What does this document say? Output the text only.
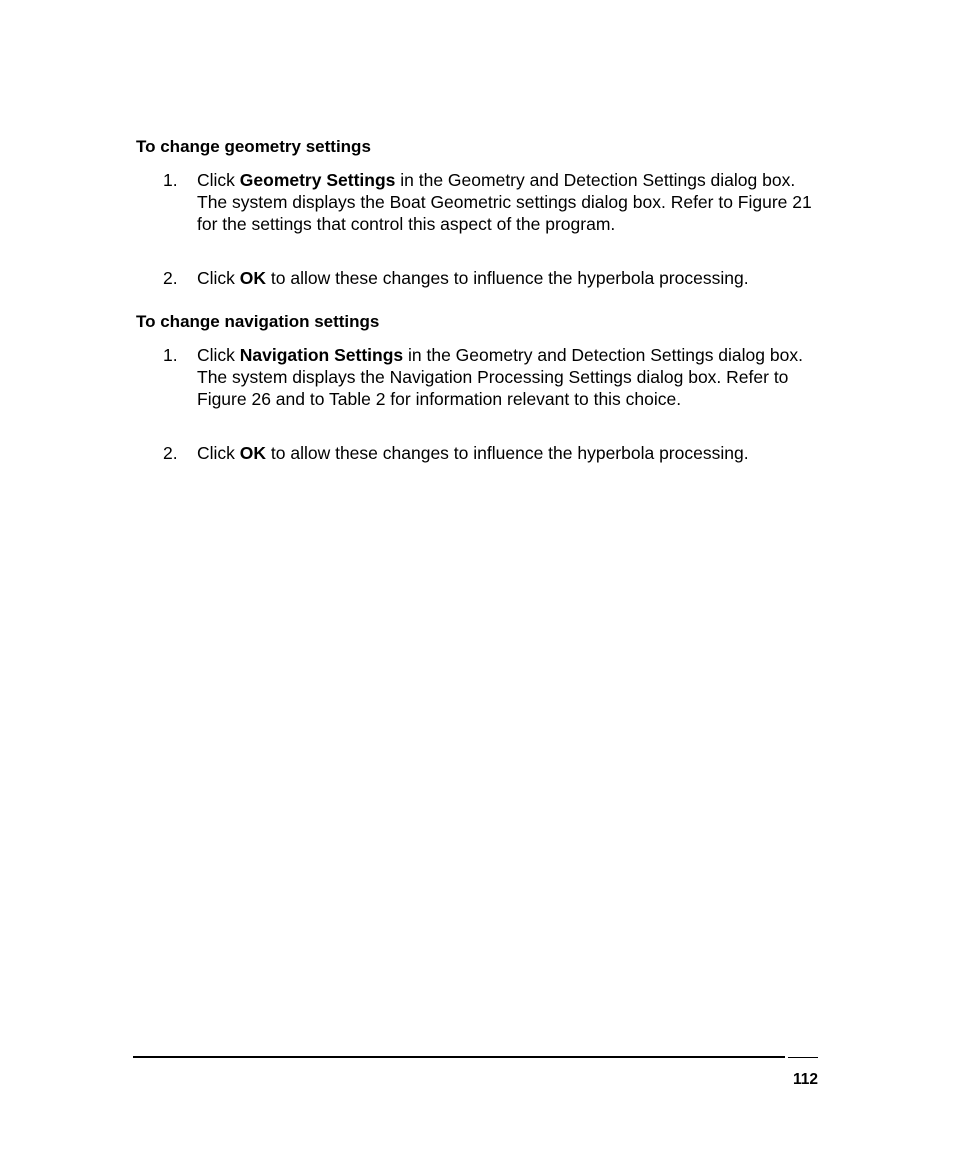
To change geometry settings
1. Click Geometry Settings in the Geometry and Detection Settings dialog box.

The system displays the Boat Geometric settings dialog box. Refer to Figure 21 for the settings that control this aspect of the program.

2. Click OK to allow these changes to influence the hyperbola processing.

To change navigation settings
1. Click Navigation Settings in the Geometry and Detection Settings dialog box.

The system displays the Navigation Processing Settings dialog box. Refer to Figure 26 and to Table 2 for information relevant to this choice.

2. Click OK to allow these changes to influence the hyperbola processing.

112
